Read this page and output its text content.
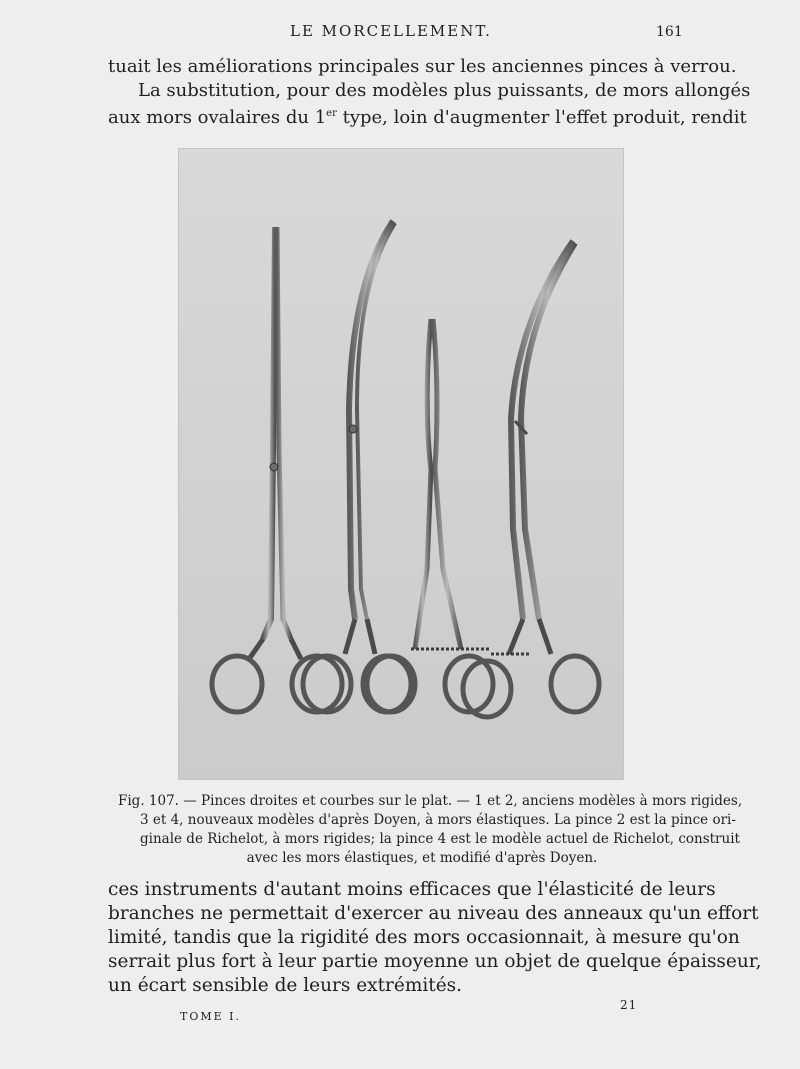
LE MORCELLEMENT.	161

tuait les améliorations principales sur les anciennes pinces à verrou.

La substitution, pour des modèles plus puissants, de mors allongés
aux mors ovalaires du 1er type, loin d'augmenter l'effet produit, rendit

Fig. 107. — Pinces droites et courbes sur le plat. — 1 et 2, anciens modèles à mors rigides,
3 et 4, nouveaux modèles d'après Doyen, à mors élastiques. La pince 2 est la pince ori-
ginale de Richelot, à mors rigides; la pince 4 est le modèle actuel de Richelot, construit
avec les mors élastiques, et modifié d'après Doyen.

ces instruments d'autant moins efficaces que l'élasticité de leurs
branches ne permettait d'exercer au niveau des anneaux qu'un effort
limité, tandis que la rigidité des mors occasionnait, à mesure qu'on
serrait plus fort à leur partie moyenne un objet de quelque épaisseur,
un écart sensible de leurs extrémités.

TOME I.
21
